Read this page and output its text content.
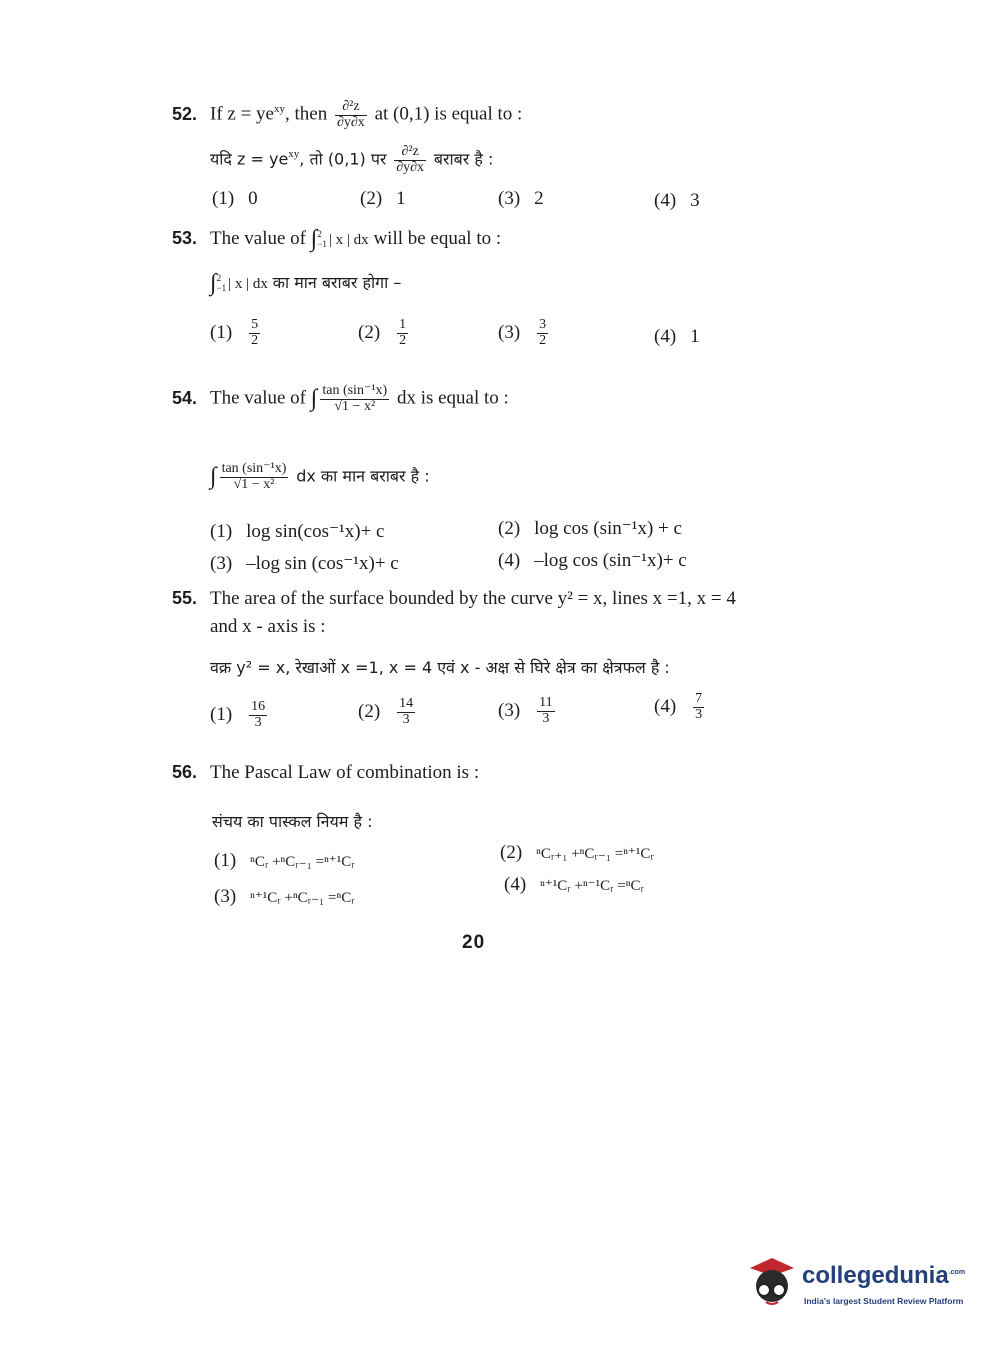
52. If $z = ye^{xy}$, then $\frac{\text{∂²z}}{\partial y\partial x}$ at (0,1) is equal to :
यदि $z = ye^{xy}$, तो (0,1) पर $\frac{\text{∂²z}}{\partial y\partial x}$ बराबर है :
(1) 0	(2) 1	(3) 2	(4) 3
53. The value of ∫2
−1 | x | dx will be equal to :
∫2
−1 | x | dx का मान बराबर होगा –
$(1) \frac{5}{2}$	$(2) \frac{1}{2}$	$(3) \frac{3}{2}$	(4) 1
54. The value of ∫ $\frac{\text{tan (sin⁻¹x)}}{\text{√1 − x²}}$ dx is equal to :
∫ $\frac{\text{tan (sin⁻¹x)}}{\text{√1 − x²}}$ dx का मान बराबर है :
(1) log sin(cos⁻¹x)+ c	(2) log cos (sin⁻¹x) + c
(3) –log sin (cos⁻¹x)+ c	(4) –log cos (sin⁻¹x)+ c
55. The area of the surface bounded by the curve y² = x, lines x =1, x = 4
and x - axis is :
वक्र y² = x, रेखाओं x =1, x = 4 एवं x - अक्ष से घिरे क्षेत्र का क्षेत्रफल है :
$(1) \frac{16}{3}$	$(2) \frac{14}{3}$	$(3) \frac{11}{3}$	$(4) \frac{7}{3}$
56. The Pascal Law of combination is :
संचय का पास्कल नियम है :
(1) ⁿCᵣ +ⁿCᵣ₋₁ =ⁿ⁺¹Cᵣ	(2) ⁿCᵣ₊₁ +ⁿCᵣ₋₁ =ⁿ⁺¹Cᵣ
(3) ⁿ⁺¹Cᵣ +ⁿCᵣ₋₁ =ⁿCᵣ
(4) ⁿ⁺¹Cᵣ +ⁿ⁻¹Cᵣ =ⁿCᵣ
20
collegedunia$^{.com}$
India's largest Student Review Platform
